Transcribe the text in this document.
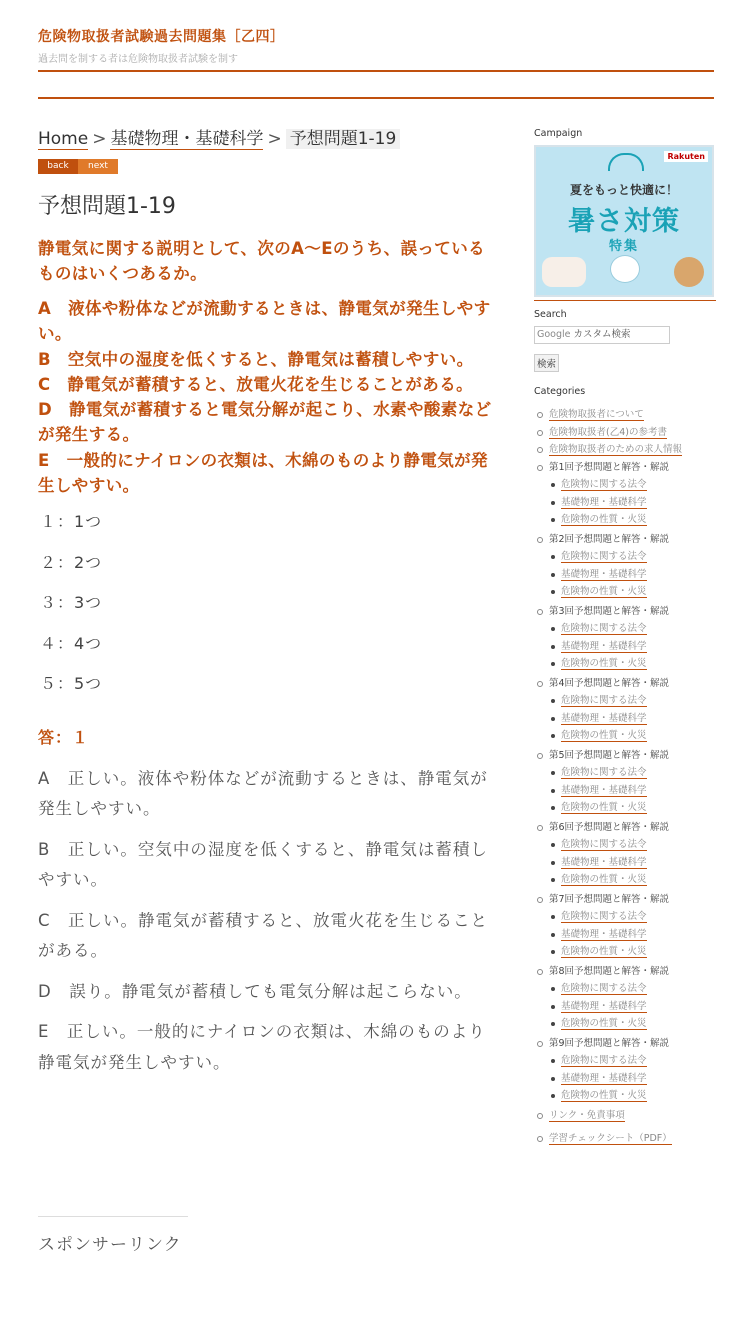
危険物取扱者試験過去問題集［乙四］
過去問を制する者は危険物取扱者試験を制す
Home > 基礎物理・基礎科学 > 予想問題1-19
back	next
予想問題1-19
静電気に関する説明として、次のA～Eのうち、誤っているものはいくつあるか。
A　液体や粉体などが流動するときは、静電気が発生しやすい。
B　空気中の湿度を低くすると、静電気は蓄積しやすい。
C　静電気が蓄積すると、放電火花を生じることがある。
D　静電気が蓄積すると電気分解が起こり、水素や酸素などが発生する。
E　一般的にナイロンの衣類は、木綿のものより静電気が発生しやすい。
１：1つ
２：2つ
３：3つ
４：4つ
５：5つ
答：１
A　正しい。液体や粉体などが流動するときは、静電気が発生しやすい。
B　正しい。空気中の湿度を低くすると、静電気は蓄積しやすい。
C　正しい。静電気が蓄積すると、放電火花を生じることがある。
D　誤り。静電気が蓄積しても電気分解は起こらない。
E　正しい。一般的にナイロンの衣類は、木綿のものより静電気が発生しやすい。
スポンサーリンク
Campaign
Rakuten
夏をもっと快適に！
暑さ対策
特集
Search
Google カスタム検索
検索
Categories
危険物取扱者について
危険物取扱者(乙4)の参考書
危険物取扱者のための求人情報
第1回予想問題と解答・解説
危険物に関する法令
基礎物理・基礎科学
危険物の性質・火災
第2回予想問題と解答・解説
危険物に関する法令
基礎物理・基礎科学
危険物の性質・火災
第3回予想問題と解答・解説
危険物に関する法令
基礎物理・基礎科学
危険物の性質・火災
第4回予想問題と解答・解説
危険物に関する法令
基礎物理・基礎科学
危険物の性質・火災
第5回予想問題と解答・解説
危険物に関する法令
基礎物理・基礎科学
危険物の性質・火災
第6回予想問題と解答・解説
危険物に関する法令
基礎物理・基礎科学
危険物の性質・火災
第7回予想問題と解答・解説
危険物に関する法令
基礎物理・基礎科学
危険物の性質・火災
第8回予想問題と解答・解説
危険物に関する法令
基礎物理・基礎科学
危険物の性質・火災
第9回予想問題と解答・解説
危険物に関する法令
基礎物理・基礎科学
危険物の性質・火災
リンク・免責事項
学習チェックシート（PDF）
